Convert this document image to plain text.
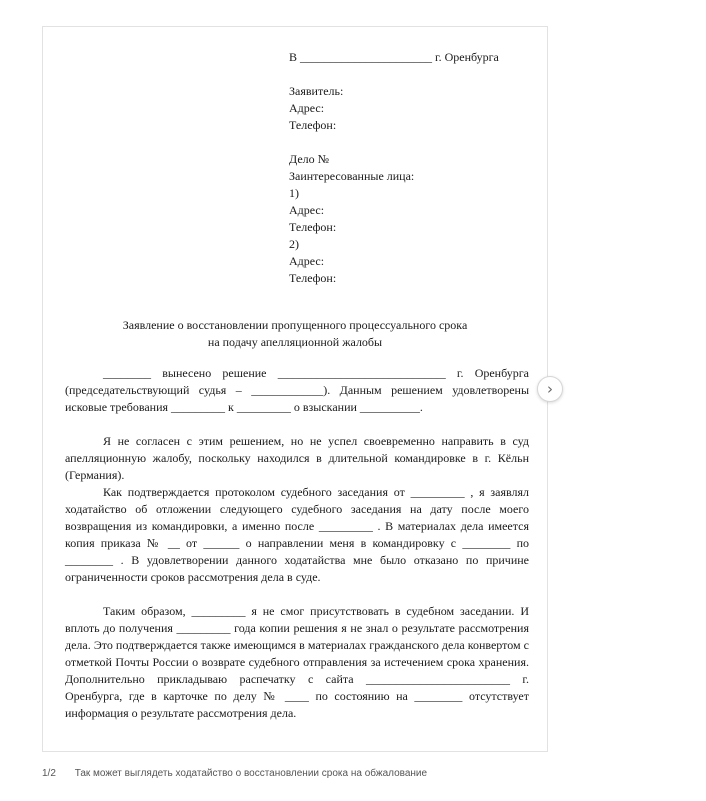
В ______________________ г. Оренбурга
Заявитель:
Адрес:
Телефон:
Дело №
Заинтересованные лица:
1)
Адрес:
Телефон:
2)
Адрес:
Телефон:
Заявление о восстановлении пропущенного процессуального срока
на подачу апелляционной жалобы

________ вынесено решение ____________________________ г. Оренбурга (председательствующий судья – ____________). Данным решением удовлетворены исковые требования _________ к _________ о взыскании __________.

Я не согласен с этим решением, но не успел своевременно направить в суд апелляционную жалобу, поскольку находился в длительной командировке в г. Кёльн (Германия).

Как подтверждается протоколом судебного заседания от _________ , я заявлял ходатайство об отложении следующего судебного заседания на дату после моего возвращения из командировки, а именно после _________ . В материалах дела имеется копия приказа № __ от ______ о направлении меня в командировку с ________ по ________ . В удовлетворении данного ходатайства мне было отказано по причине ограниченности сроков рассмотрения дела в суде.

Таким образом, _________ я не смог присутствовать в судебном заседании. И вплоть до получения _________ года копии решения я не знал о результате рассмотрения дела. Это подтверждается также имеющимся в материалах гражданского дела конвертом с отметкой Почты России о возврате судебного отправления за истечением срока хранения. Дополнительно прикладываю распечатку с сайта ________________________ г. Оренбурга, где в карточке по делу № ____ по состоянию на ________ отсутствует информация о результате рассмотрения дела.

›
1/2 Так может выглядеть ходатайство о восстановлении срока на обжалование
